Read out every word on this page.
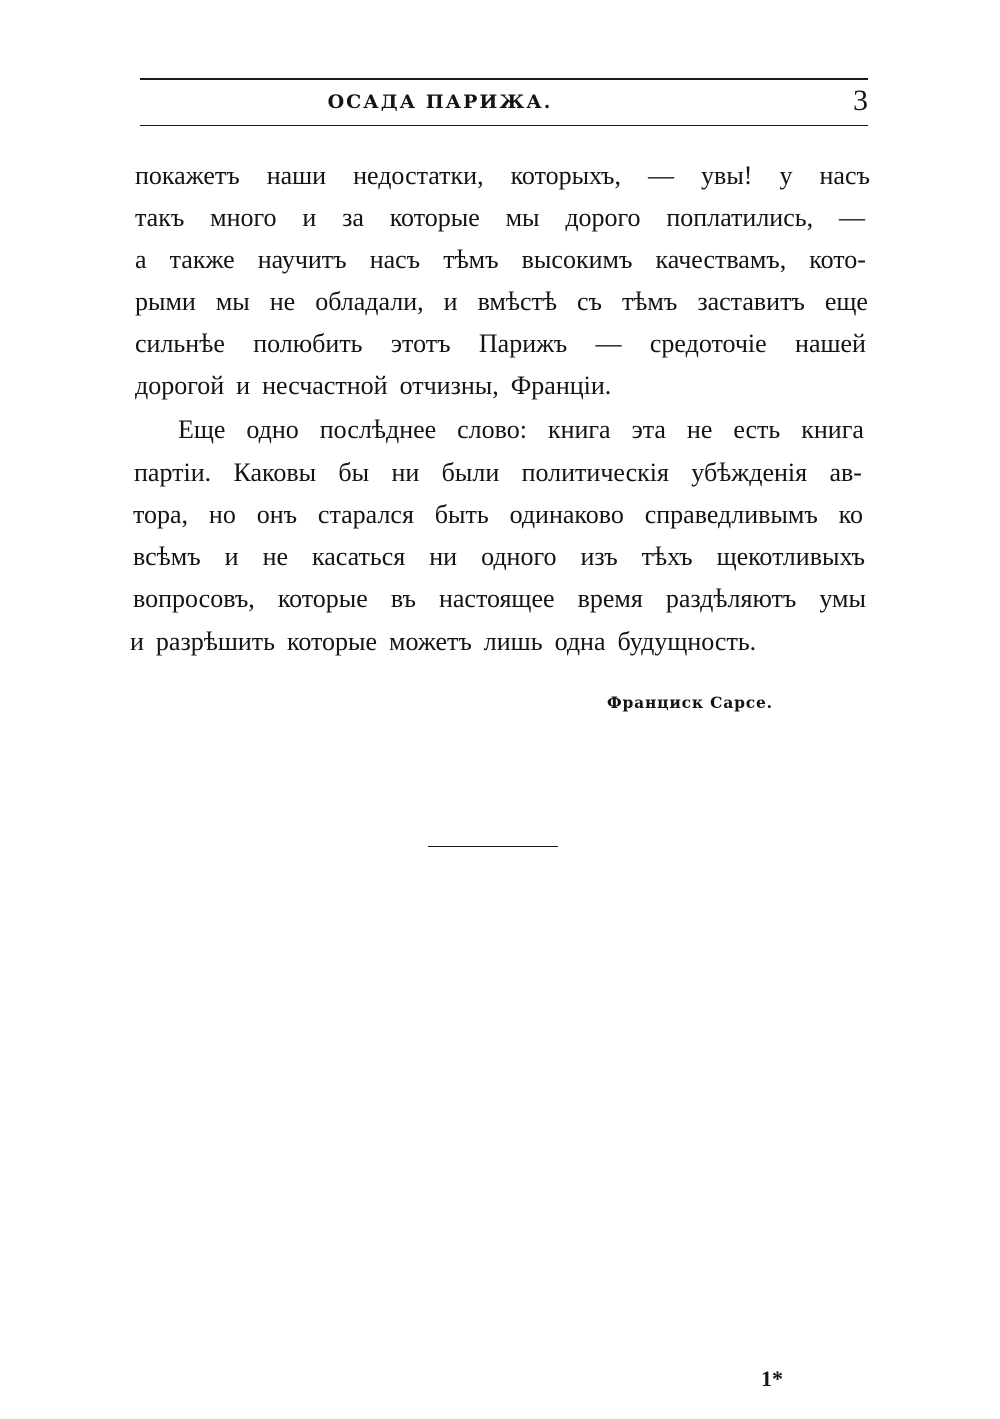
ОСАДА ПАРИЖА.	3
покажетъ наши недостатки, которыхъ, — увы! у насъ
такъ много и за которые мы дорого поплатились, —
а также научитъ насъ тѣмъ высокимъ качествамъ, кото-
рыми мы не обладали, и вмѣстѣ съ тѣмъ заставитъ еще
сильнѣе полюбить этотъ Парижъ — средоточіе нашей
дорогой и несчастной отчизны, Франціи.
Еще одно послѣднее слово: книга эта не есть книга
партіи. Каковы бы ни были политическія убѣжденія ав-
тора, но онъ старался быть одинаково справедливымъ ко
всѣмъ и не касаться ни одного изъ тѣхъ щекотливыхъ
вопросовъ, которые въ настоящее время раздѣляютъ умы
и разрѣшить которые можетъ лишь одна будущность.
Франциск Сарсе.
1*
